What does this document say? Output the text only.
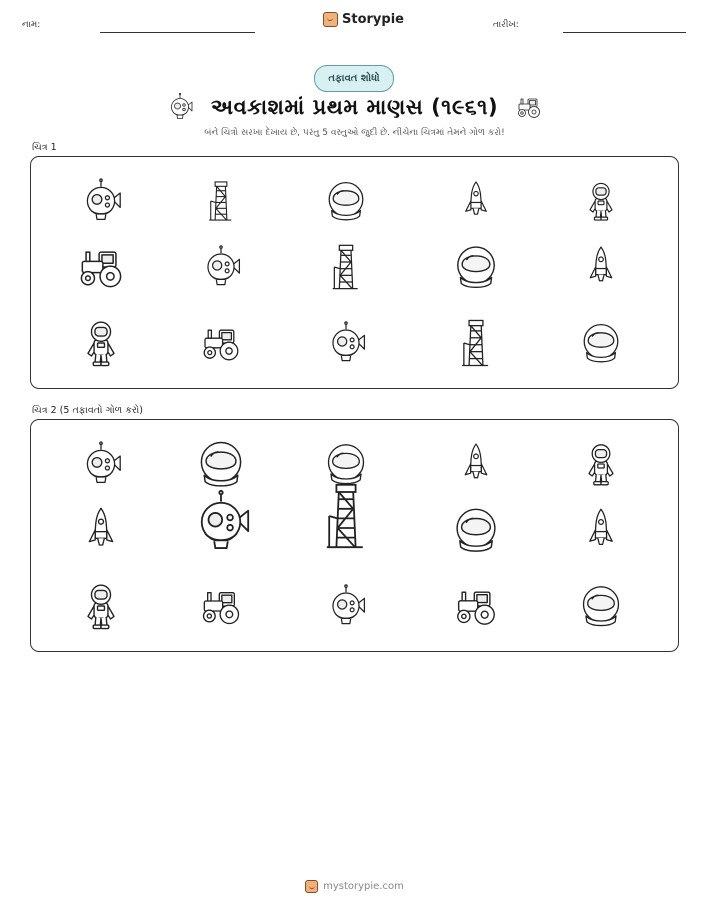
નામ:	Storypie	તારીખ:
તફાવત શોધો
અવકાશમાં પ્રથમ માણસ (૧૯૬૧)
બંને ચિત્રો સરખા દેખાય છે, પરંતુ 5 વસ્તુઓ જુદી છે. નીચેના ચિત્રમાં તેમને ગોળ કરો!
ચિત્ર 1
ચિત્ર 2 (5 તફાવતો ગોળ કરો)
mystorypie.com
